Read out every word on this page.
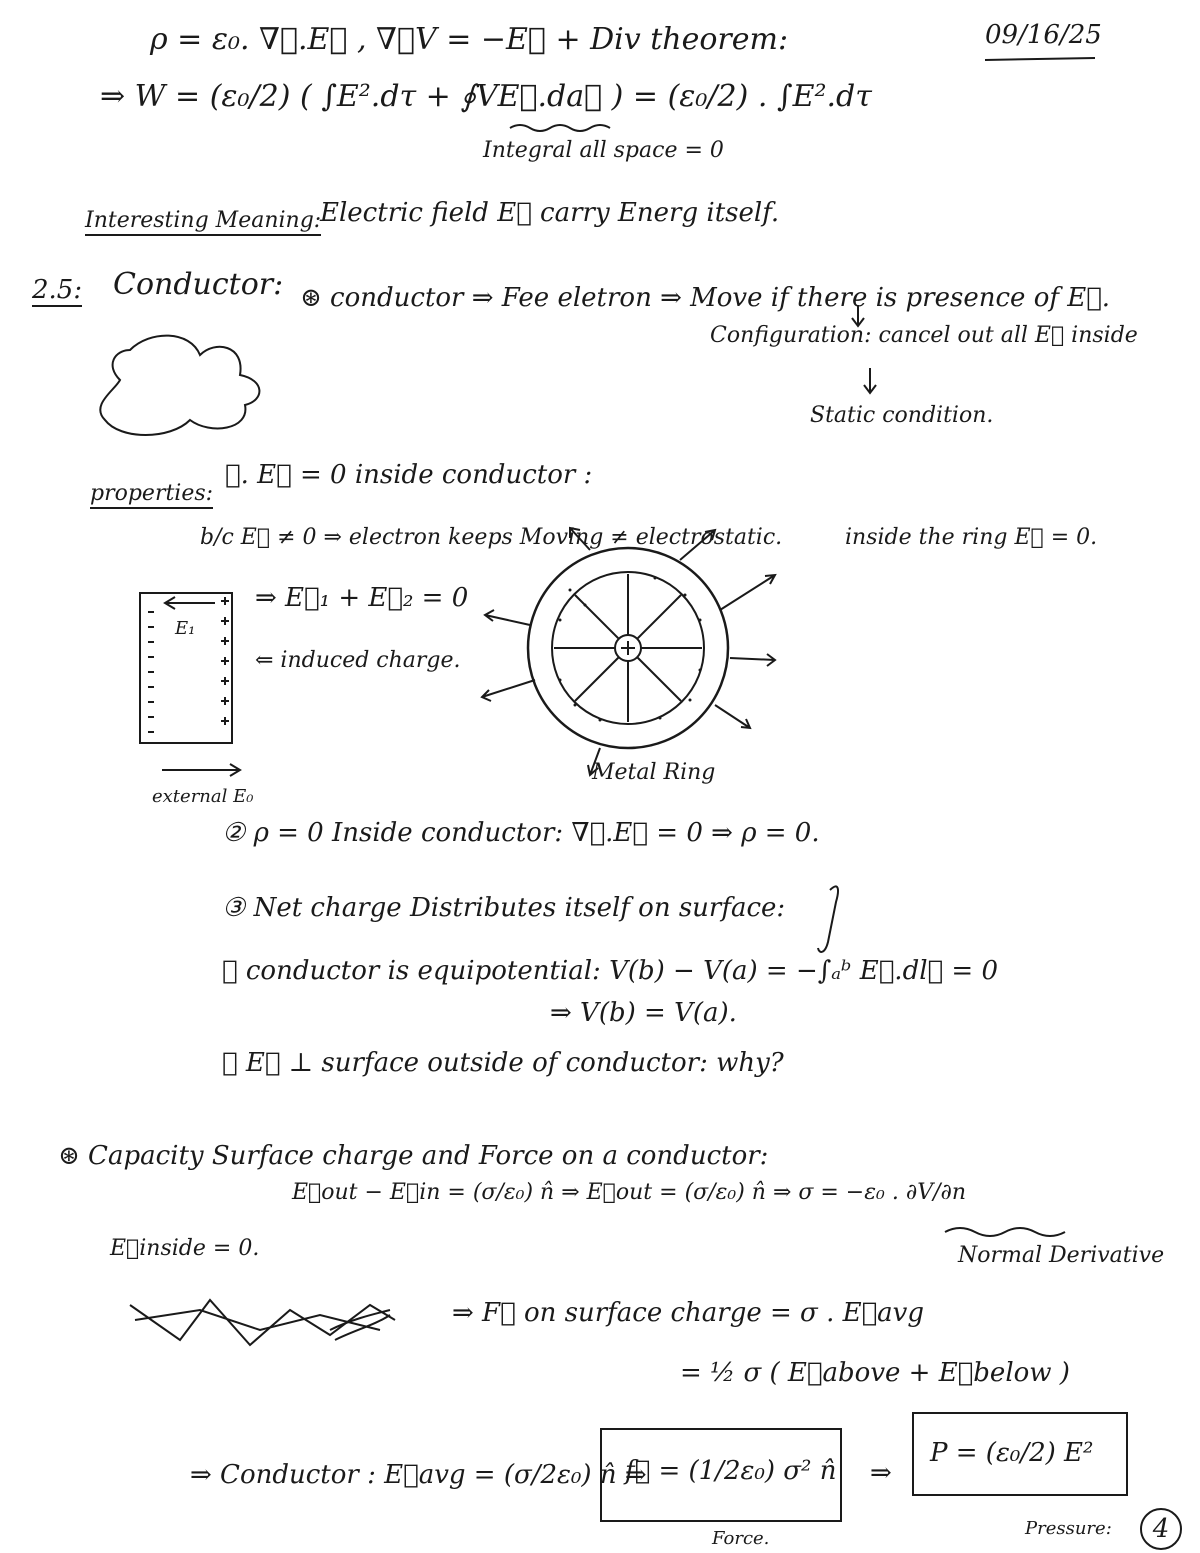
09/16/25
ρ = ε₀. ∇⃗.E⃗ , ∇⃗V = −E⃗ + Div theorem:
⇒ W = (ε₀/2) ( ∫E².dτ + ∮VE⃗.da⃗ ) = (ε₀/2) . ∫E².dτ
Integral all space = 0
Interesting Meaning:
Electric field E⃗ carry Energ itself.
2.5: Conductor: ⊛ conductor ⇒ Fee eletron ⇒ Move if there is presence of E⃗.
Configuration: cancel out all E⃗ inside
Static condition.
properties:
①. E⃗ = 0 inside conductor :
b/c E⃗ ≠ 0 ⇒ electron keeps Moving ≠ electrostatic.	inside the ring E⃗ = 0.
⇒ E⃗₁ + E⃗₂ = 0
⇐ induced charge.
E₁
external E₀
Metal Ring
② ρ = 0 Inside conductor: ∇⃗.E⃗ = 0 ⇒ ρ = 0.
③ Net charge Distributes itself on surface:
④ conductor is equipotential: V(b) − V(a) = −∫ₐᵇ E⃗.dl⃗ = 0
⇒ V(b) = V(a).
⑤ E⃗ ⊥ surface outside of conductor: why?
⊛ Capacity Surface charge and Force on a conductor:
E⃗inside = 0.
E⃗out − E⃗in = (σ/ε₀) n̂ ⇒ E⃗out = (σ/ε₀) n̂ ⇒ σ = −ε₀ . ∂V/∂n
Normal Derivative
⇒ F⃗ on surface charge = σ . E⃗avg
= ½ σ ( E⃗above + E⃗below )
⇒ Conductor : E⃗avg = (σ/2ε₀) n̂ ⇒
f⃗ = (1/2ε₀) σ² n̂
Force.
⇒
P = (ε₀/2) E²
Pressure:	4
